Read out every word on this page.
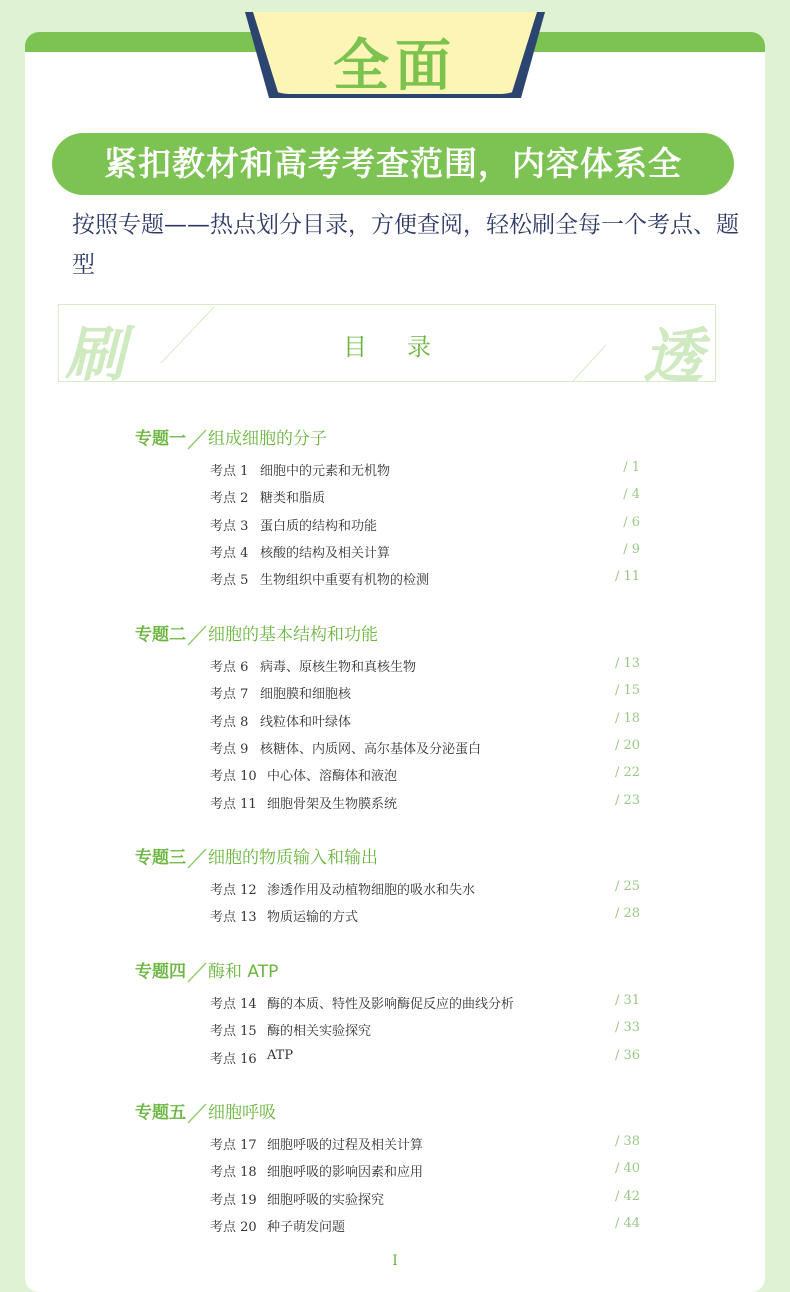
全面
紧扣教材和高考考查范围，内容体系全
按照专题——热点划分目录，方便查阅，轻松刷全每一个考点、题型
刷	目录	透
专题一 组成细胞的分子
考点 1 细胞中的元素和无机物	/ 1
考点 2 糖类和脂质	/ 4
考点 3 蛋白质的结构和功能	/ 6
考点 4 核酸的结构及相关计算	/ 9
考点 5 生物组织中重要有机物的检测	/ 11
专题二 细胞的基本结构和功能
考点 6 病毒、原核生物和真核生物	/ 13
考点 7 细胞膜和细胞核	/ 15
考点 8 线粒体和叶绿体	/ 18
考点 9 核糖体、内质网、高尔基体及分泌蛋白	/ 20
考点 10 中心体、溶酶体和液泡	/ 22
考点 11 细胞骨架及生物膜系统	/ 23
专题三 细胞的物质输入和输出
考点 12 渗透作用及动植物细胞的吸水和失水	/ 25
考点 13 物质运输的方式	/ 28
专题四 酶和 ATP
考点 14 酶的本质、特性及影响酶促反应的曲线分析	/ 31
考点 15 酶的相关实验探究	/ 33
考点 16 ATP	/ 36
专题五 细胞呼吸
考点 17 细胞呼吸的过程及相关计算	/ 38
考点 18 细胞呼吸的影响因素和应用	/ 40
考点 19 细胞呼吸的实验探究	/ 42
考点 20 种子萌发问题	/ 44
I
